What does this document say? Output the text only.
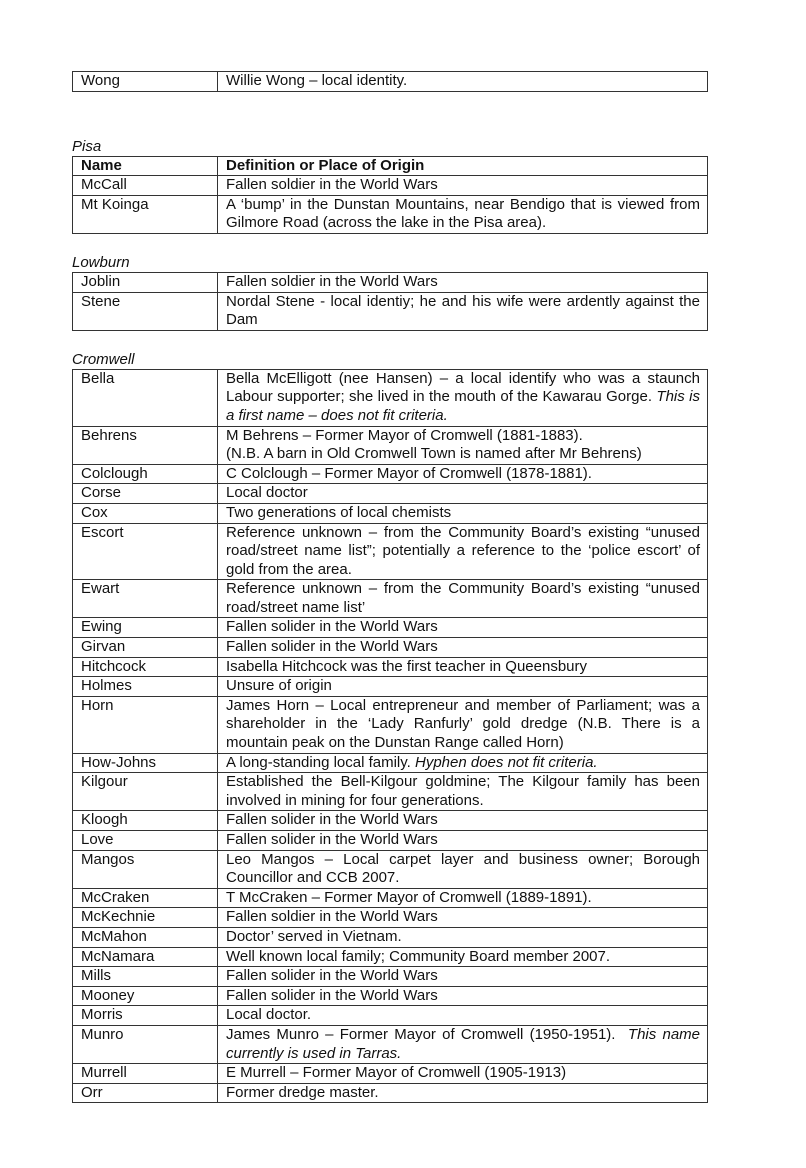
Wong	Willie Wong – local identity.
Pisa
Name	Definition or Place of Origin
McCall	Fallen soldier in the World Wars
Mt Koinga	A ‘bump’ in the Dunstan Mountains, near Bendigo that is viewed from Gilmore Road (across the lake in the Pisa area).
Lowburn
Joblin	Fallen soldier in the World Wars
Stene	Nordal Stene - local identiy; he and his wife were ardently against the Dam
Cromwell
Bella	Bella McElligott (nee Hansen) – a local identify who was a staunch Labour supporter; she lived in the mouth of the Kawarau Gorge. This is a first name – does not fit criteria.
Behrens	M Behrens – Former Mayor of Cromwell (1881-1883).
(N.B. A barn in Old Cromwell Town is named after Mr Behrens)

Colclough	C Colclough – Former Mayor of Cromwell (1878-1881).
Corse	Local doctor
Cox	Two generations of local chemists
Escort	Reference unknown – from the Community Board’s existing “unused road/street name list”; potentially a reference to the ‘police escort’ of gold from the area.
Ewart	Reference unknown – from the Community Board’s existing “unused road/street name list’
Ewing	Fallen solider in the World Wars
Girvan	Fallen solider in the World Wars
Hitchcock	Isabella Hitchcock was the first teacher in Queensbury
Holmes	Unsure of origin
Horn	James Horn – Local entrepreneur and member of Parliament; was a shareholder in the ‘Lady Ranfurly’ gold dredge (N.B. There is a mountain peak on the Dunstan Range called Horn)
How-Johns	A long-standing local family. Hyphen does not fit criteria.
Kilgour	Established the Bell-Kilgour goldmine; The Kilgour family has been involved in mining for four generations.
Kloogh	Fallen solider in the World Wars
Love	Fallen solider in the World Wars
Mangos	Leo Mangos – Local carpet layer and business owner; Borough Councillor and CCB 2007.
McCraken	T McCraken – Former Mayor of Cromwell (1889-1891).
McKechnie	Fallen soldier in the World Wars
McMahon	Doctor’ served in Vietnam.
McNamara	Well known local family; Community Board member 2007.
Mills	Fallen solider in the World Wars
Mooney	Fallen solider in the World Wars
Morris	Local doctor.
Munro	James Munro – Former Mayor of Cromwell (1950-1951). This name currently is used in Tarras.
Murrell	E Murrell – Former Mayor of Cromwell (1905-1913)
Orr	Former dredge master.
